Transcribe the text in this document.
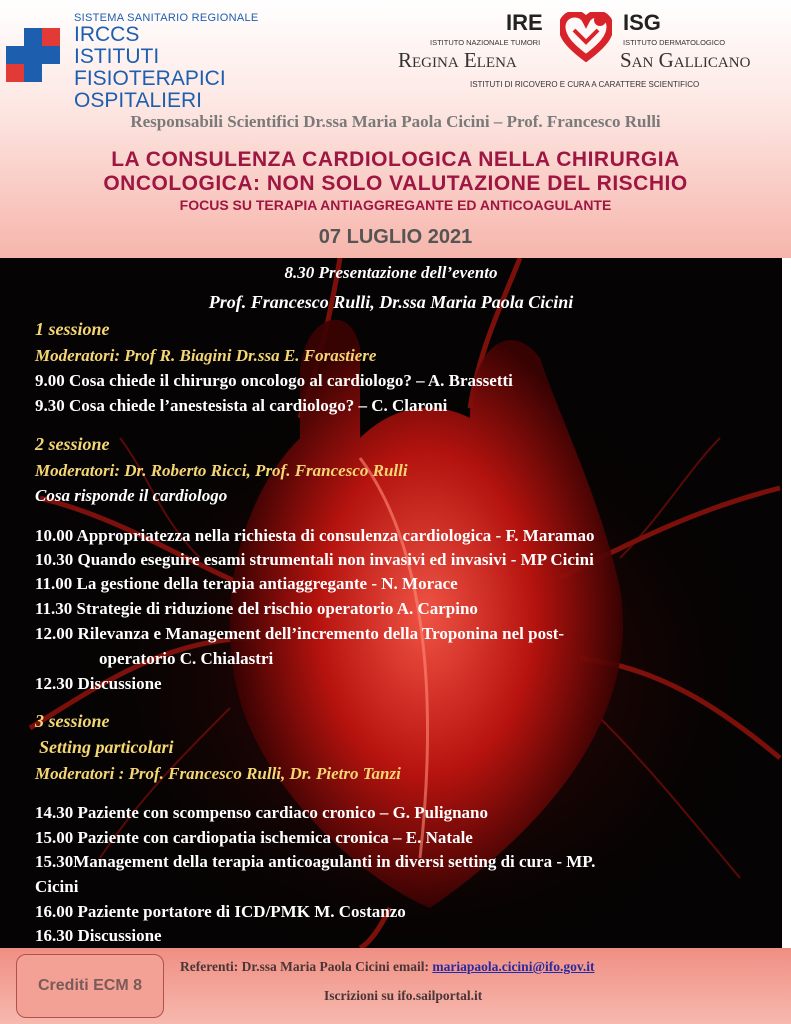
SISTEMA SANITARIO REGIONALE
IRCCS
ISTITUTI FISIOTERAPICI
OSPITALIERI
IRE	ISG
ISTITUTO NAZIONALE TUMORI	ISTITUTO DERMATOLOGICO
Regina Elena	San Gallicano
ISTITUTI DI RICOVERO E CURA A CARATTERE SCIENTIFICO
Responsabili Scientifici Dr.ssa Maria Paola Cicini – Prof. Francesco Rulli
LA CONSULENZA CARDIOLOGICA NELLA CHIRURGIA
ONCOLOGICA: NON SOLO VALUTAZIONE DEL RISCHIO
FOCUS SU TERAPIA ANTIAGGREGANTE ED ANTICOAGULANTE
07 LUGLIO 2021
8.30 Presentazione dell’evento
Prof. Francesco Rulli, Dr.ssa Maria Paola Cicini
1 sessione
Moderatori: Prof R. Biagini Dr.ssa E. Forastiere
9.00 Cosa chiede il chirurgo oncologo al cardiologo? – A. Brassetti
9.30 Cosa chiede l’anestesista al cardiologo? – C. Claroni
2 sessione
Moderatori: Dr. Roberto Ricci, Prof. Francesco Rulli
Cosa risponde il cardiologo
10.00 Appropriatezza nella richiesta di consulenza cardiologica - F. Maramao
10.30 Quando eseguire esami strumentali non invasivi ed invasivi - MP Cicini
11.00 La gestione della terapia antiaggregante - N. Morace
11.30 Strategie di riduzione del rischio operatorio A. Carpino
12.00 Rilevanza e Management dell’incremento della Troponina nel post-
operatorio C. Chialastri
12.30 Discussione
3 sessione
Setting particolari
Moderatori : Prof. Francesco Rulli, Dr. Pietro Tanzi
14.30 Paziente con scompenso cardiaco cronico – G. Pulignano
15.00 Paziente con cardiopatia ischemica cronica – E. Natale
15.30Management della terapia anticoagulanti in diversi setting di cura - MP.
Cicini
16.00 Paziente portatore di ICD/PMK M. Costanzo
16.30 Discussione
Crediti ECM 8
Referenti: Dr.ssa Maria Paola Cicini email: mariapaola.cicini@ifo.gov.it
Iscrizioni su ifo.sailportal.it
